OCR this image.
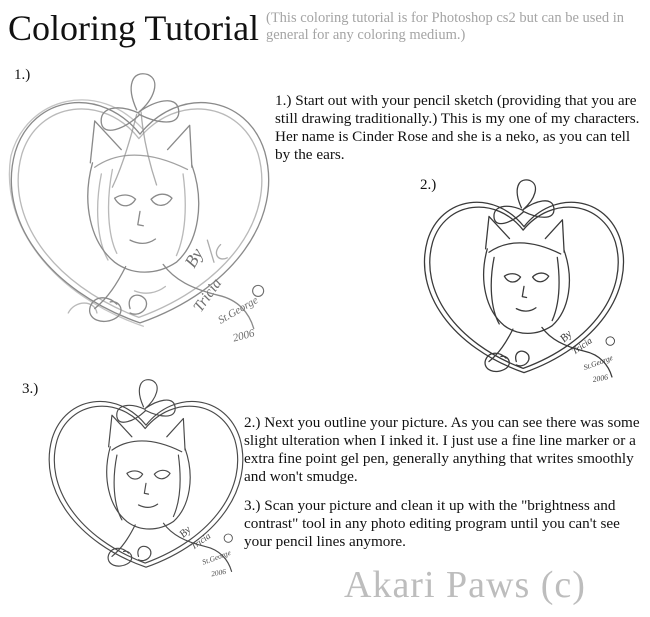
Coloring Tutorial (This coloring tutorial is for Photoshop cs2 but can be used in general for any coloring medium.)
1.)
2.)
3.)
1.) Start out with your pencil sketch (providing that you are still drawing traditionally.) This is my one of my characters. Her name is Cinder Rose and she is a neko, as you can tell by the ears.
2.) Next you outline your picture. As you can see there was some slight ulteration when I inked it. I just use a fine line marker or a extra fine point gel pen, generally anything that writes smoothly and won't smudge.
3.) Scan your picture and clean it up with the "brightness and contrast" tool in any photo editing program until you can't see your pencil lines anymore.
Akari Paws (c)
By
Tricia
St.George
2006	By
Tricia
St.George
2006
By
Tricia
St.George
2006
